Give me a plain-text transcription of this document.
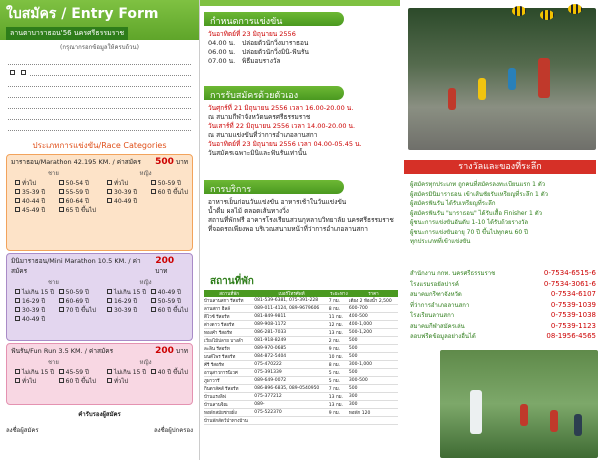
ใบสมัคร / Entry Form
ลานตาบาราธอน'56 นครศรีธรรมราช
(กรุณากรอกข้อมูลให้ครบถ้วน)
ประเภทการแข่งขัน/Race Categories
มาราธอน/Marathon 42.195 KM. / ค่าสมัคร 500 บาท
ชาย
ทั่วไป
35-39 ปี
40-44 ปี
45-49 ปี
50-54 ปี
55-59 ปี
60-64 ปี
65 ปี ขึ้นไป
หญิง
ทั่วไป
30-39 ปี
40-49 ปี
50-59 ปี
60 ปี ขึ้นไป
มินิมาราธอน/Mini Marathon 10.5 KM. / ค่าสมัคร
200 บาท
ชาย
ไม่เกิน 15 ปี
16-29 ปี
30-39 ปี
40-49 ปี
50-59 ปี
60-69 ปี
70 ปี ขึ้นไป
หญิง
ไม่เกิน 15 ปี
16-29 ปี
30-39 ปี
40-49 ปี
50-59 ปี
60 ปี ขึ้นไป
ฟันรัน/Fun Run 3.5 KM. / ค่าสมัคร	200 บาท
ชาย
ไม่เกิน 15 ปี
ทั่วไป
45-59 ปี
60 ปี ขึ้นไป
หญิง
ไม่เกิน 15 ปี
ทั่วไป
40 ปี ขึ้นไป
คำรับรองผู้สมัคร
ลงชื่อผู้สมัคร	ลงชื่อผู้ปกครอง
กำหนดการแข่งขัน
วันอาทิตย์ที่ 23 มิถุนายน 2556
04.00 น.	ปล่อยตัวนักวิ่งมาราธอน
06.00 น.	ปล่อยตัวนักวิ่งมินิ-ฟันรัน
07.00 น.	พิธีมอบรางวัล
การรับสมัครด้วยตัวเอง
วันศุกร์ที่ 21 มิถุนายน 2556 เวลา 16.00-20.00 น.
ณ สนามกีฬาจังหวัดนครศรีธรรมราช
วันเสาร์ที่ 22 มิถุนายน 2556 เวลา 14.00-20.00 น.
ณ สนามแข่งขันที่ว่าการอำเภอลานสกา
วันอาทิตย์ที่ 23 มิถุนายน 2556 เวลา 04.00-05.45 น.
วันสมัครเฉพาะมินิและฟันรันเท่านั้น
การบริการ
อาหารเย็นก่อนวันแข่งขัน อาหารเช้าในวันแข่งขัน
น้ำดื่ม ผลไม้ ตลอดเส้นทางวิ่ง
สถานที่พักฟรี อาคารโรงเรียนสวนกุหลาบวิทยาลัย นครศรีธรรมราช
ที่จอดรถเพียงพอ บริเวณสนามหน้าที่ว่าการอำเภอลานสกา
สถานที่พัก
สถานที่พัก	เบอร์โทรศัพท์	ระยะทาง	ราคา
บ้านลานสกา รีสอร์ท	081-539-6381, 075-391-228	7 กม.	เตียง 2 ห้องน้ำ 2,500
ลานสกา ฮิลล์	089-011-4124, 089-9679606	8 กม.	600-700
ดิไวซ์ รีสอร์ท	081-849-9811	11 กม.	400-500
ต่างดาว รีสอร์ท	089-908-1172	12 กม.	400-1,000
ทองคำ รีสอร์ท	086-281-7033	13 กม.	500-1,200
เวียงไม้ปลาย บางลำ	081-918-8249	2 กม.	500
ละลิน รีสอร์ท	089-970-0685	9 กม.	500
มนต์ไพร รีสอร์ท	084-872-5404	10 กม.	500
คีรี รีสอร์ท	075-470222	8 กม.	300-1,000
อานุสาวการนิเวศ	075-391339	5 กม.	500
ภูผาวารี	089-649-0072	5 กม.	300-500
กินตาสัคส์ รีสอร์ท	086-896-6835, 089-0540950	7 กม.	500
บ้านแรงลิฟ	075-377212	13 กม.	300
บ้านลานจิณ	089-	13 กม.	300
หอพักสมัยชายฝั่ง	075-522370	9 กม.	หอพัก 120
บ้านพักสัตว์ป่าทางบ้าน			
รางวัลและของที่ระลึก
ผู้สมัครทุกประเภท ถูกคนที่สมัครลงทะเบียนแรก 1 ตัว
ผู้สมัครมินิมาราธอน เข้าเส้นชัยรับเหรียญที่ระลึก 1 ตัว
ผู้สมัครฟันรัน ได้รับเหรียญที่ระลึก
ผู้สมัครฟันรัน "มาราธอน" ได้รับเสื้อ Finisher 1 ตัว
ผู้ชนะการแข่งขันอันดับ 1-10 ได้รับถ้วยรางวัล
ผู้ชนะการแข่งขันอายุ 70 ปี ขึ้นไปทุกคน 60 ปี
ทุกประเภทที่เข้าแข่งขัน
สำนักงาน กกท. นครศรีธรรมราช	0-7534-6515-6
โรงแรมรอยัลปารค์	0-7534-3061-6
สมาคมกรีฑาจังหวัด	0-7534-6107
ที่ว่าการอำเภอลานสกา	0-7539-1039
โรงเรียนลานสกา	0-7539-1038
สมาคมกีฬาสมัครเล่น	0-7539-1123
ลอบฟรีดข้อมูลอย่างอื่นได้	08-1956-4565
